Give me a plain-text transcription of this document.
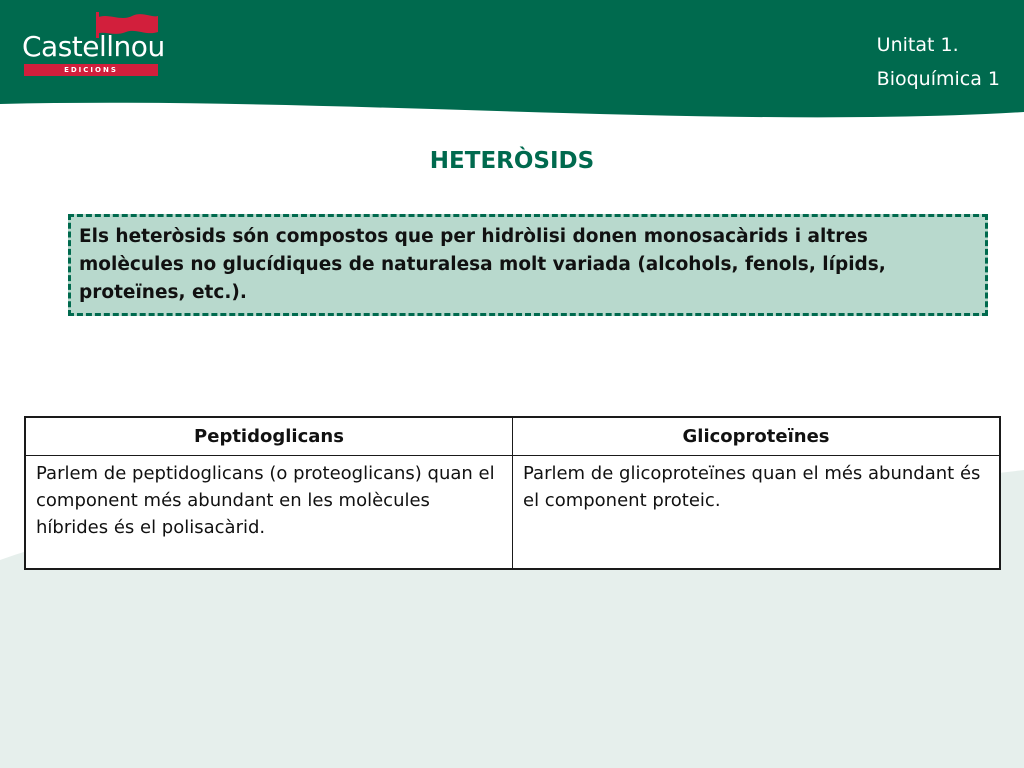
Castellnou
EDICIONS
Unitat 1.
Bioquímica 1
HETERÒSIDS
Els heteròsids són compostos que per hidròlisi donen monosacàrids i altres molècules no glucídiques de naturalesa molt variada (alcohols, fenols, lípids, proteïnes, etc.).
Peptidoglicans	Glicoproteïnes
Parlem de peptidoglicans (o proteoglicans) quan el component més abundant en les molècules híbrides és el polisacàrid.	Parlem de glicoproteïnes quan el més abundant és el component proteic.
